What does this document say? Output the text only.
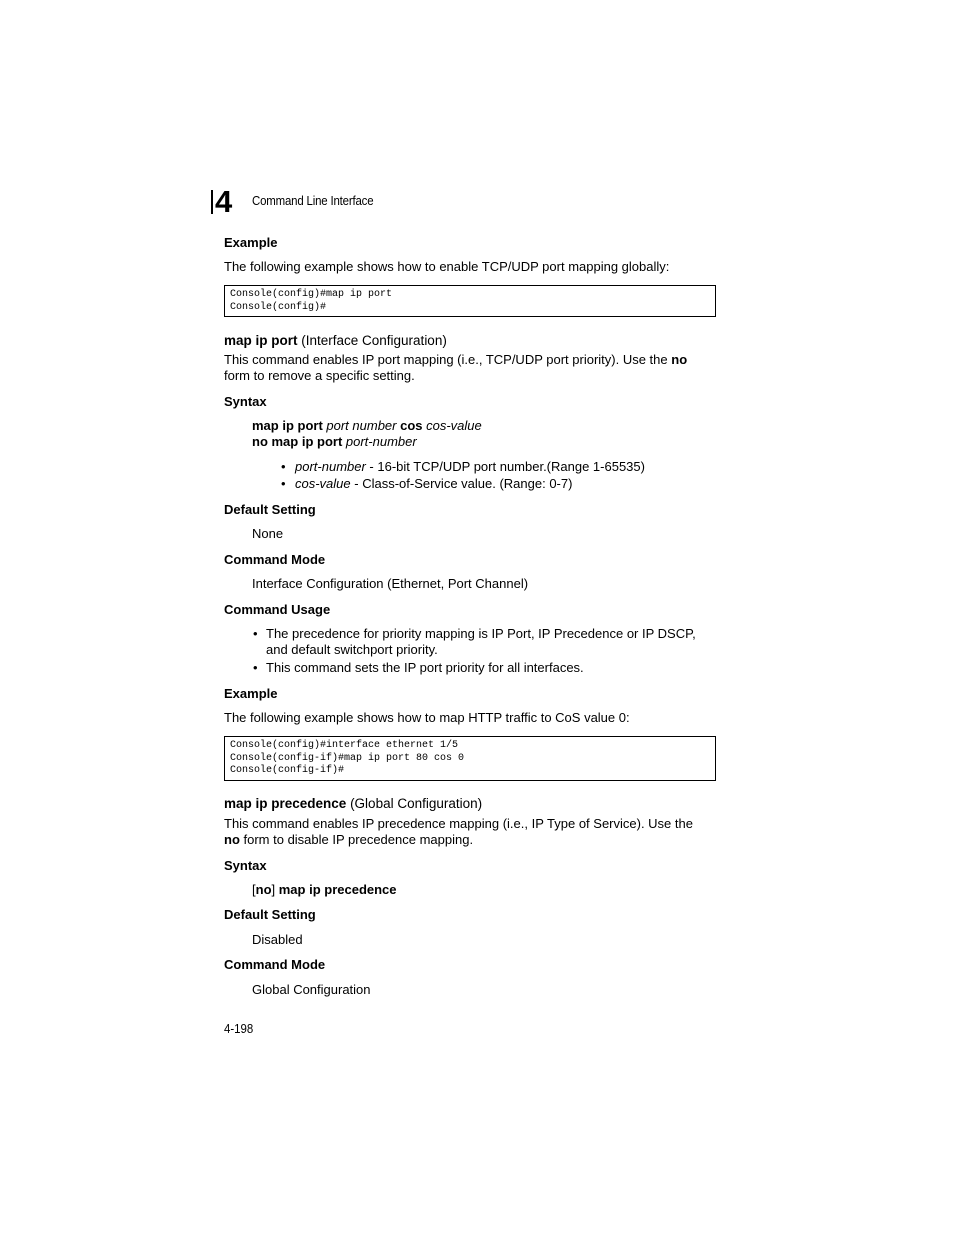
4 Command Line Interface
Example
The following example shows how to enable TCP/UDP port mapping globally:
Console(config)#map ip port
Console(config)#
map ip port (Interface Configuration)
This command enables IP port mapping (i.e., TCP/UDP port priority). Use the no
form to remove a specific setting.
Syntax
map ip port port number cos cos-value
no map ip port port-number
• port-number - 16-bit TCP/UDP port number.(Range 1-65535)
• cos-value - Class-of-Service value. (Range: 0-7)
Default Setting
None
Command Mode
Interface Configuration (Ethernet, Port Channel)
Command Usage
• The precedence for priority mapping is IP Port, IP Precedence or IP DSCP,
and default switchport priority.
• This command sets the IP port priority for all interfaces.
Example
The following example shows how to map HTTP traffic to CoS value 0:
Console(config)#interface ethernet 1/5
Console(config-if)#map ip port 80 cos 0
Console(config-if)#
map ip precedence (Global Configuration)
This command enables IP precedence mapping (i.e., IP Type of Service). Use the
no form to disable IP precedence mapping.
Syntax
[no] map ip precedence
Default Setting
Disabled
Command Mode
Global Configuration
4-198
